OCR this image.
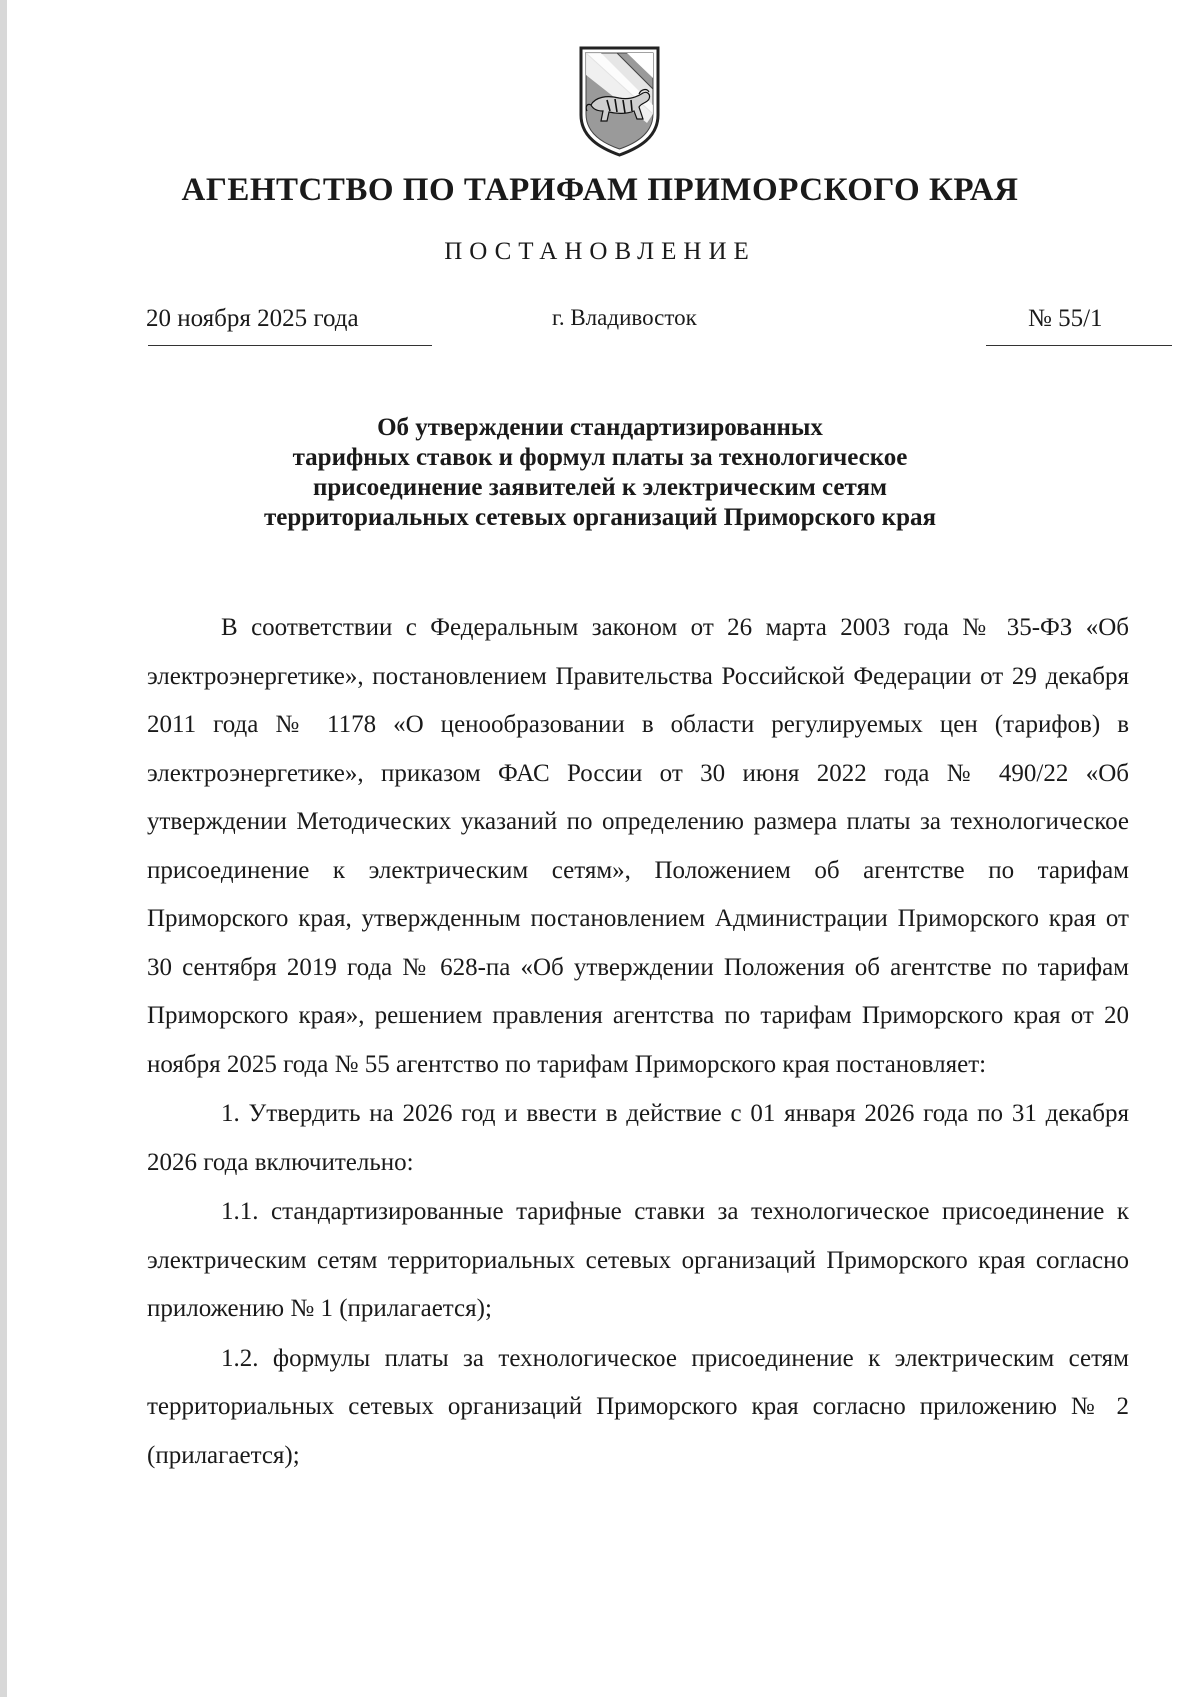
АГЕНТСТВО ПО ТАРИФАМ ПРИМОРСКОГО КРАЯ
ПОСТАНОВЛЕНИЕ
20 ноября 2025 года	г. Владивосток	№ 55/1
Об утверждении стандартизированных
тарифных ставок и формул платы за технологическое
присоединение заявителей к электрическим сетям
территориальных сетевых организаций Приморского края

В соответствии с Федеральным законом от 26 марта 2003 года № 35-ФЗ «Об электроэнергетике», постановлением Правительства Российской Федерации от 29 декабря 2011 года № 1178 «О ценообразовании в области регулируемых цен (тарифов) в электроэнергетике», приказом ФАС России от 30 июня 2022 года № 490/22 «Об утверждении Методических указаний по определению размера платы за технологическое присоединение к электрическим сетям», Положением об агентстве по тарифам Приморского края, утвержденным постановлением Администрации Приморского края от 30 сентября 2019 года № 628-па «Об утверждении Положения об агентстве по тарифам Приморского края», решением правления агентства по тарифам Приморского края от 20 ноября 2025 года № 55 агентство по тарифам Приморского края постановляет:

1. Утвердить на 2026 год и ввести в действие с 01 января 2026 года по 31 декабря 2026 года включительно:

1.1. стандартизированные тарифные ставки за технологическое присоединение к электрическим сетям территориальных сетевых организаций Приморского края согласно приложению № 1 (прилагается);

1.2. формулы платы за технологическое присоединение к электрическим сетям территориальных сетевых организаций Приморского края согласно приложению № 2 (прилагается);
